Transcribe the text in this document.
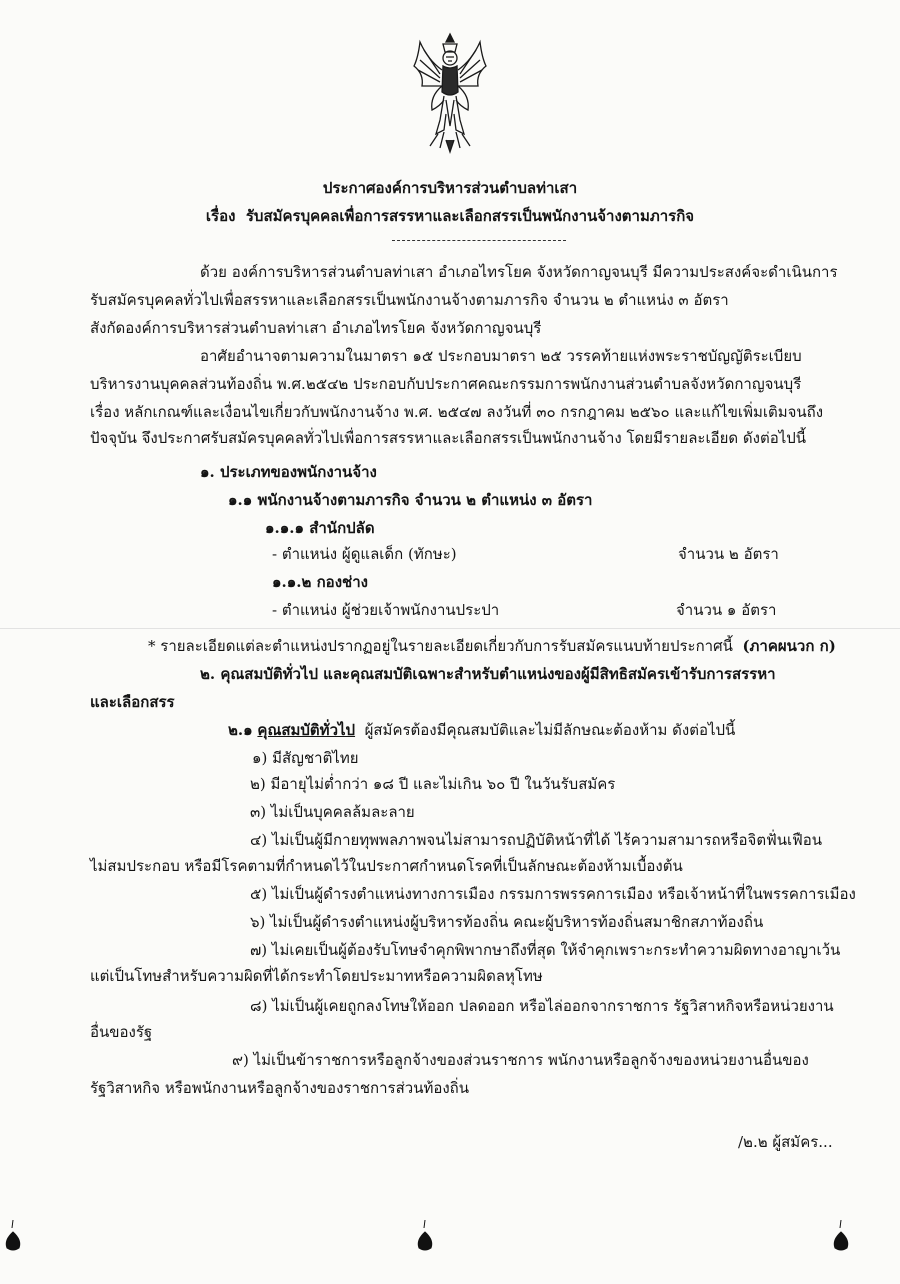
ประกาศองค์การบริหารส่วนตำบลท่าเสา
เรื่อง รับสมัครบุคคลเพื่อการสรรหาและเลือกสรรเป็นพนักงานจ้างตามภารกิจ
ด้วย องค์การบริหารส่วนตำบลท่าเสา อำเภอไทรโยค จังหวัดกาญจนบุรี มีความประสงค์จะดำเนินการ
รับสมัครบุคคลทั่วไปเพื่อสรรหาและเลือกสรรเป็นพนักงานจ้างตามภารกิจ จำนวน ๒ ตำแหน่ง ๓ อัตรา
สังกัดองค์การบริหารส่วนตำบลท่าเสา อำเภอไทรโยค จังหวัดกาญจนบุรี
อาศัยอำนาจตามความในมาตรา ๑๕ ประกอบมาตรา ๒๕ วรรคท้ายแห่งพระราชบัญญัติระเบียบ
บริหารงานบุคคลส่วนท้องถิ่น พ.ศ.๒๕๔๒ ประกอบกับประกาศคณะกรรมการพนักงานส่วนตำบลจังหวัดกาญจนบุรี
เรื่อง หลักเกณฑ์และเงื่อนไขเกี่ยวกับพนักงานจ้าง พ.ศ. ๒๕๔๗ ลงวันที่ ๓๐ กรกฎาคม ๒๕๖๐ และแก้ไขเพิ่มเติมจนถึง
ปัจจุบัน จึงประกาศรับสมัครบุคคลทั่วไปเพื่อการสรรหาและเลือกสรรเป็นพนักงานจ้าง โดยมีรายละเอียด ดังต่อไปนี้
๑. ประเภทของพนักงานจ้าง
๑.๑ พนักงานจ้างตามภารกิจ จำนวน ๒ ตำแหน่ง ๓ อัตรา
๑.๑.๑ สำนักปลัด
- ตำแหน่ง ผู้ดูแลเด็ก (ทักษะ)	จำนวน ๒ อัตรา
๑.๑.๒ กองช่าง
- ตำแหน่ง ผู้ช่วยเจ้าพนักงานประปา	จำนวน ๑ อัตรา
* รายละเอียดแต่ละตำแหน่งปรากฏอยู่ในรายละเอียดเกี่ยวกับการรับสมัครแนบท้ายประกาศนี้ (ภาคผนวก ก)
๒. คุณสมบัติทั่วไป และคุณสมบัติเฉพาะสำหรับตำแหน่งของผู้มีสิทธิสมัครเข้ารับการสรรหา
และเลือกสรร
๒.๑ คุณสมบัติทั่วไป ผู้สมัครต้องมีคุณสมบัติและไม่มีลักษณะต้องห้าม ดังต่อไปนี้
๑) มีสัญชาติไทย
๒) มีอายุไม่ต่ำกว่า ๑๘ ปี และไม่เกิน ๖๐ ปี ในวันรับสมัคร
๓) ไม่เป็นบุคคลล้มละลาย
๔) ไม่เป็นผู้มีกายทุพพลภาพจนไม่สามารถปฏิบัติหน้าที่ได้ ไร้ความสามารถหรือจิตฟั่นเฟือน
ไม่สมประกอบ หรือมีโรคตามที่กำหนดไว้ในประกาศกำหนดโรคที่เป็นลักษณะต้องห้ามเบื้องต้น
๕) ไม่เป็นผู้ดำรงตำแหน่งทางการเมือง กรรมการพรรคการเมือง หรือเจ้าหน้าที่ในพรรคการเมือง
๖) ไม่เป็นผู้ดำรงตำแหน่งผู้บริหารท้องถิ่น คณะผู้บริหารท้องถิ่นสมาชิกสภาท้องถิ่น
๗) ไม่เคยเป็นผู้ต้องรับโทษจำคุกพิพากษาถึงที่สุด ให้จำคุกเพราะกระทำความผิดทางอาญาเว้น
แต่เป็นโทษสำหรับความผิดที่ได้กระทำโดยประมาทหรือความผิดลหุโทษ
๘) ไม่เป็นผู้เคยถูกลงโทษให้ออก ปลดออก หรือไล่ออกจากราชการ รัฐวิสาหกิจหรือหน่วยงาน
อื่นของรัฐ
๙) ไม่เป็นข้าราชการหรือลูกจ้างของส่วนราชการ พนักงานหรือลูกจ้างของหน่วยงานอื่นของ
รัฐวิสาหกิจ หรือพนักงานหรือลูกจ้างของราชการส่วนท้องถิ่น
/๒.๒ ผู้สมัคร...
